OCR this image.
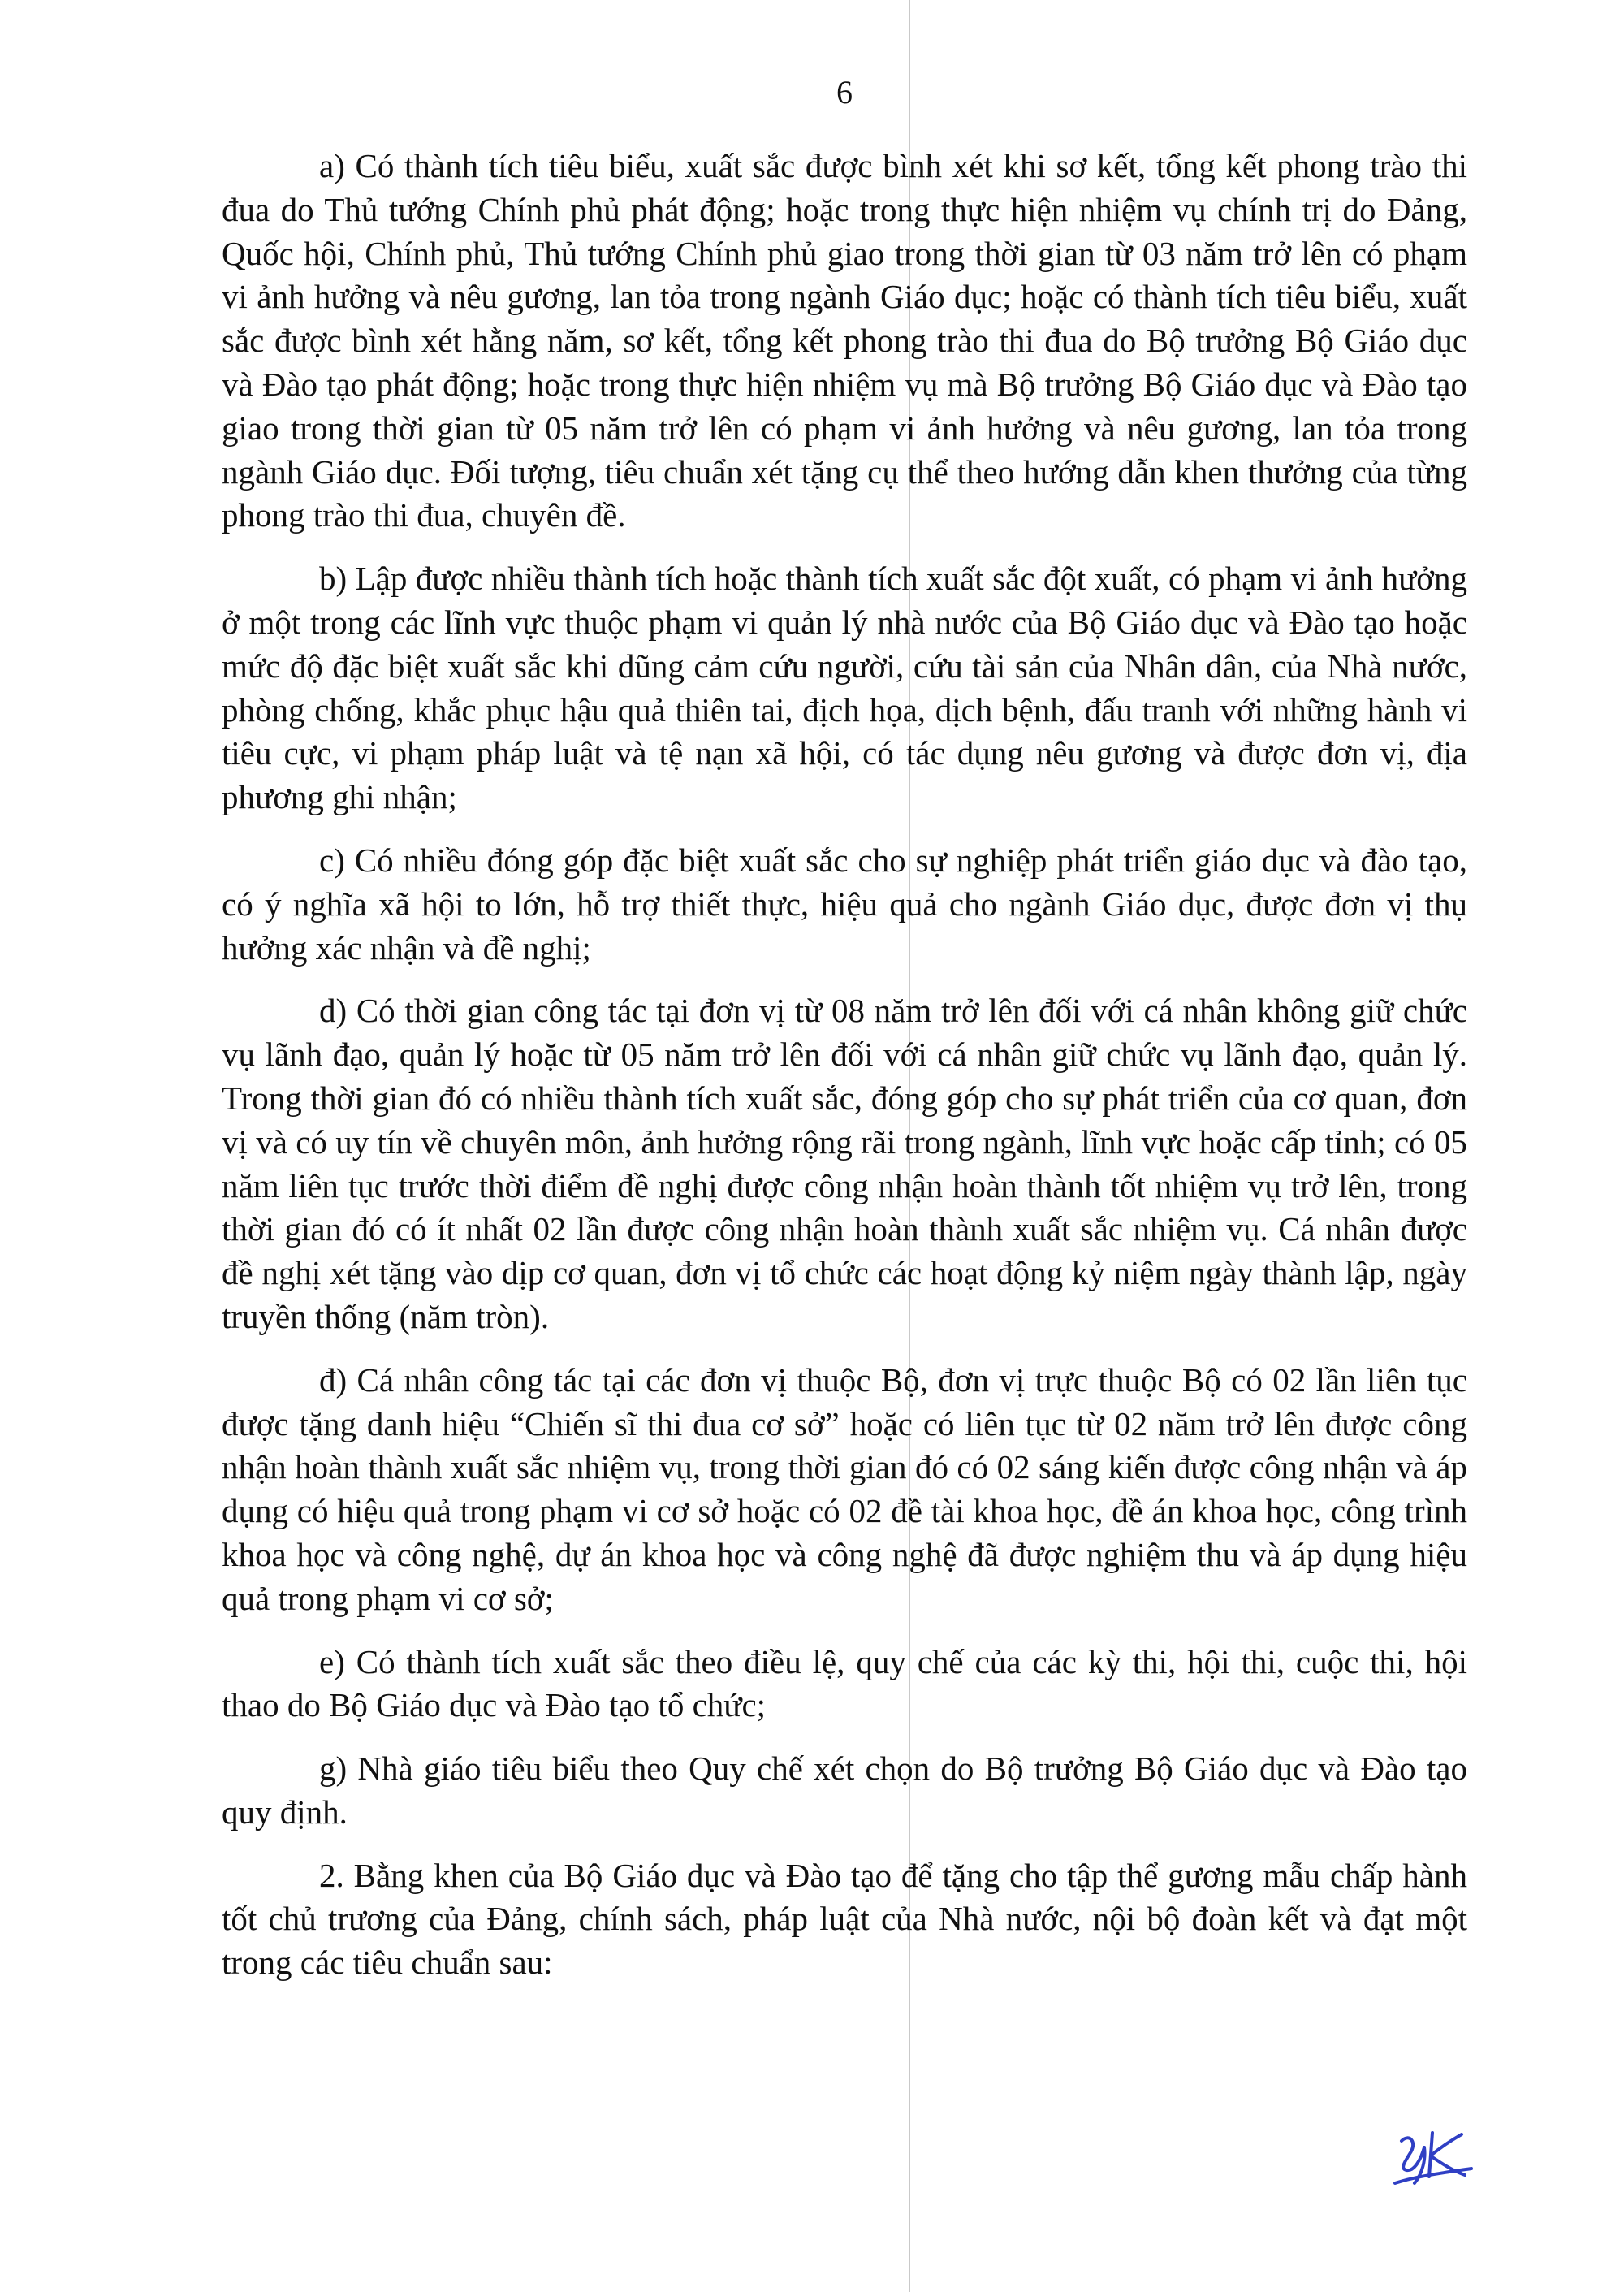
6

a) Có thành tích tiêu biểu, xuất sắc được bình xét khi sơ kết, tổng kết phong trào thi đua do Thủ tướng Chính phủ phát động; hoặc trong thực hiện nhiệm vụ chính trị do Đảng, Quốc hội, Chính phủ, Thủ tướng Chính phủ giao trong thời gian từ 03 năm trở lên có phạm vi ảnh hưởng và nêu gương, lan tỏa trong ngành Giáo dục; hoặc có thành tích tiêu biểu, xuất sắc được bình xét hằng năm, sơ kết, tổng kết phong trào thi đua do Bộ trưởng Bộ Giáo dục và Đào tạo phát động; hoặc trong thực hiện nhiệm vụ mà Bộ trưởng Bộ Giáo dục và Đào tạo giao trong thời gian từ 05 năm trở lên có phạm vi ảnh hưởng và nêu gương, lan tỏa trong ngành Giáo dục. Đối tượng, tiêu chuẩn xét tặng cụ thể theo hướng dẫn khen thưởng của từng phong trào thi đua, chuyên đề.

b) Lập được nhiều thành tích hoặc thành tích xuất sắc đột xuất, có phạm vi ảnh hưởng ở một trong các lĩnh vực thuộc phạm vi quản lý nhà nước của Bộ Giáo dục và Đào tạo hoặc mức độ đặc biệt xuất sắc khi dũng cảm cứu người, cứu tài sản của Nhân dân, của Nhà nước, phòng chống, khắc phục hậu quả thiên tai, địch họa, dịch bệnh, đấu tranh với những hành vi tiêu cực, vi phạm pháp luật và tệ nạn xã hội, có tác dụng nêu gương và được đơn vị, địa phương ghi nhận;

c) Có nhiều đóng góp đặc biệt xuất sắc cho sự nghiệp phát triển giáo dục và đào tạo, có ý nghĩa xã hội to lớn, hỗ trợ thiết thực, hiệu quả cho ngành Giáo dục, được đơn vị thụ hưởng xác nhận và đề nghị;

d) Có thời gian công tác tại đơn vị từ 08 năm trở lên đối với cá nhân không giữ chức vụ lãnh đạo, quản lý hoặc từ 05 năm trở lên đối với cá nhân giữ chức vụ lãnh đạo, quản lý. Trong thời gian đó có nhiều thành tích xuất sắc, đóng góp cho sự phát triển của cơ quan, đơn vị và có uy tín về chuyên môn, ảnh hưởng rộng rãi trong ngành, lĩnh vực hoặc cấp tỉnh; có 05 năm liên tục trước thời điểm đề nghị được công nhận hoàn thành tốt nhiệm vụ trở lên, trong thời gian đó có ít nhất 02 lần được công nhận hoàn thành xuất sắc nhiệm vụ. Cá nhân được đề nghị xét tặng vào dịp cơ quan, đơn vị tổ chức các hoạt động kỷ niệm ngày thành lập, ngày truyền thống (năm tròn).

đ) Cá nhân công tác tại các đơn vị thuộc Bộ, đơn vị trực thuộc Bộ có 02 lần liên tục được tặng danh hiệu “Chiến sĩ thi đua cơ sở” hoặc có liên tục từ 02 năm trở lên được công nhận hoàn thành xuất sắc nhiệm vụ, trong thời gian đó có 02 sáng kiến được công nhận và áp dụng có hiệu quả trong phạm vi cơ sở hoặc có 02 đề tài khoa học, đề án khoa học, công trình khoa học và công nghệ, dự án khoa học và công nghệ đã được nghiệm thu và áp dụng hiệu quả trong phạm vi cơ sở;

e) Có thành tích xuất sắc theo điều lệ, quy chế của các kỳ thi, hội thi, cuộc thi, hội thao do Bộ Giáo dục và Đào tạo tổ chức;

g) Nhà giáo tiêu biểu theo Quy chế xét chọn do Bộ trưởng Bộ Giáo dục và Đào tạo quy định.

2. Bằng khen của Bộ Giáo dục và Đào tạo để tặng cho tập thể gương mẫu chấp hành tốt chủ trương của Đảng, chính sách, pháp luật của Nhà nước, nội bộ đoàn kết và đạt một trong các tiêu chuẩn sau:
